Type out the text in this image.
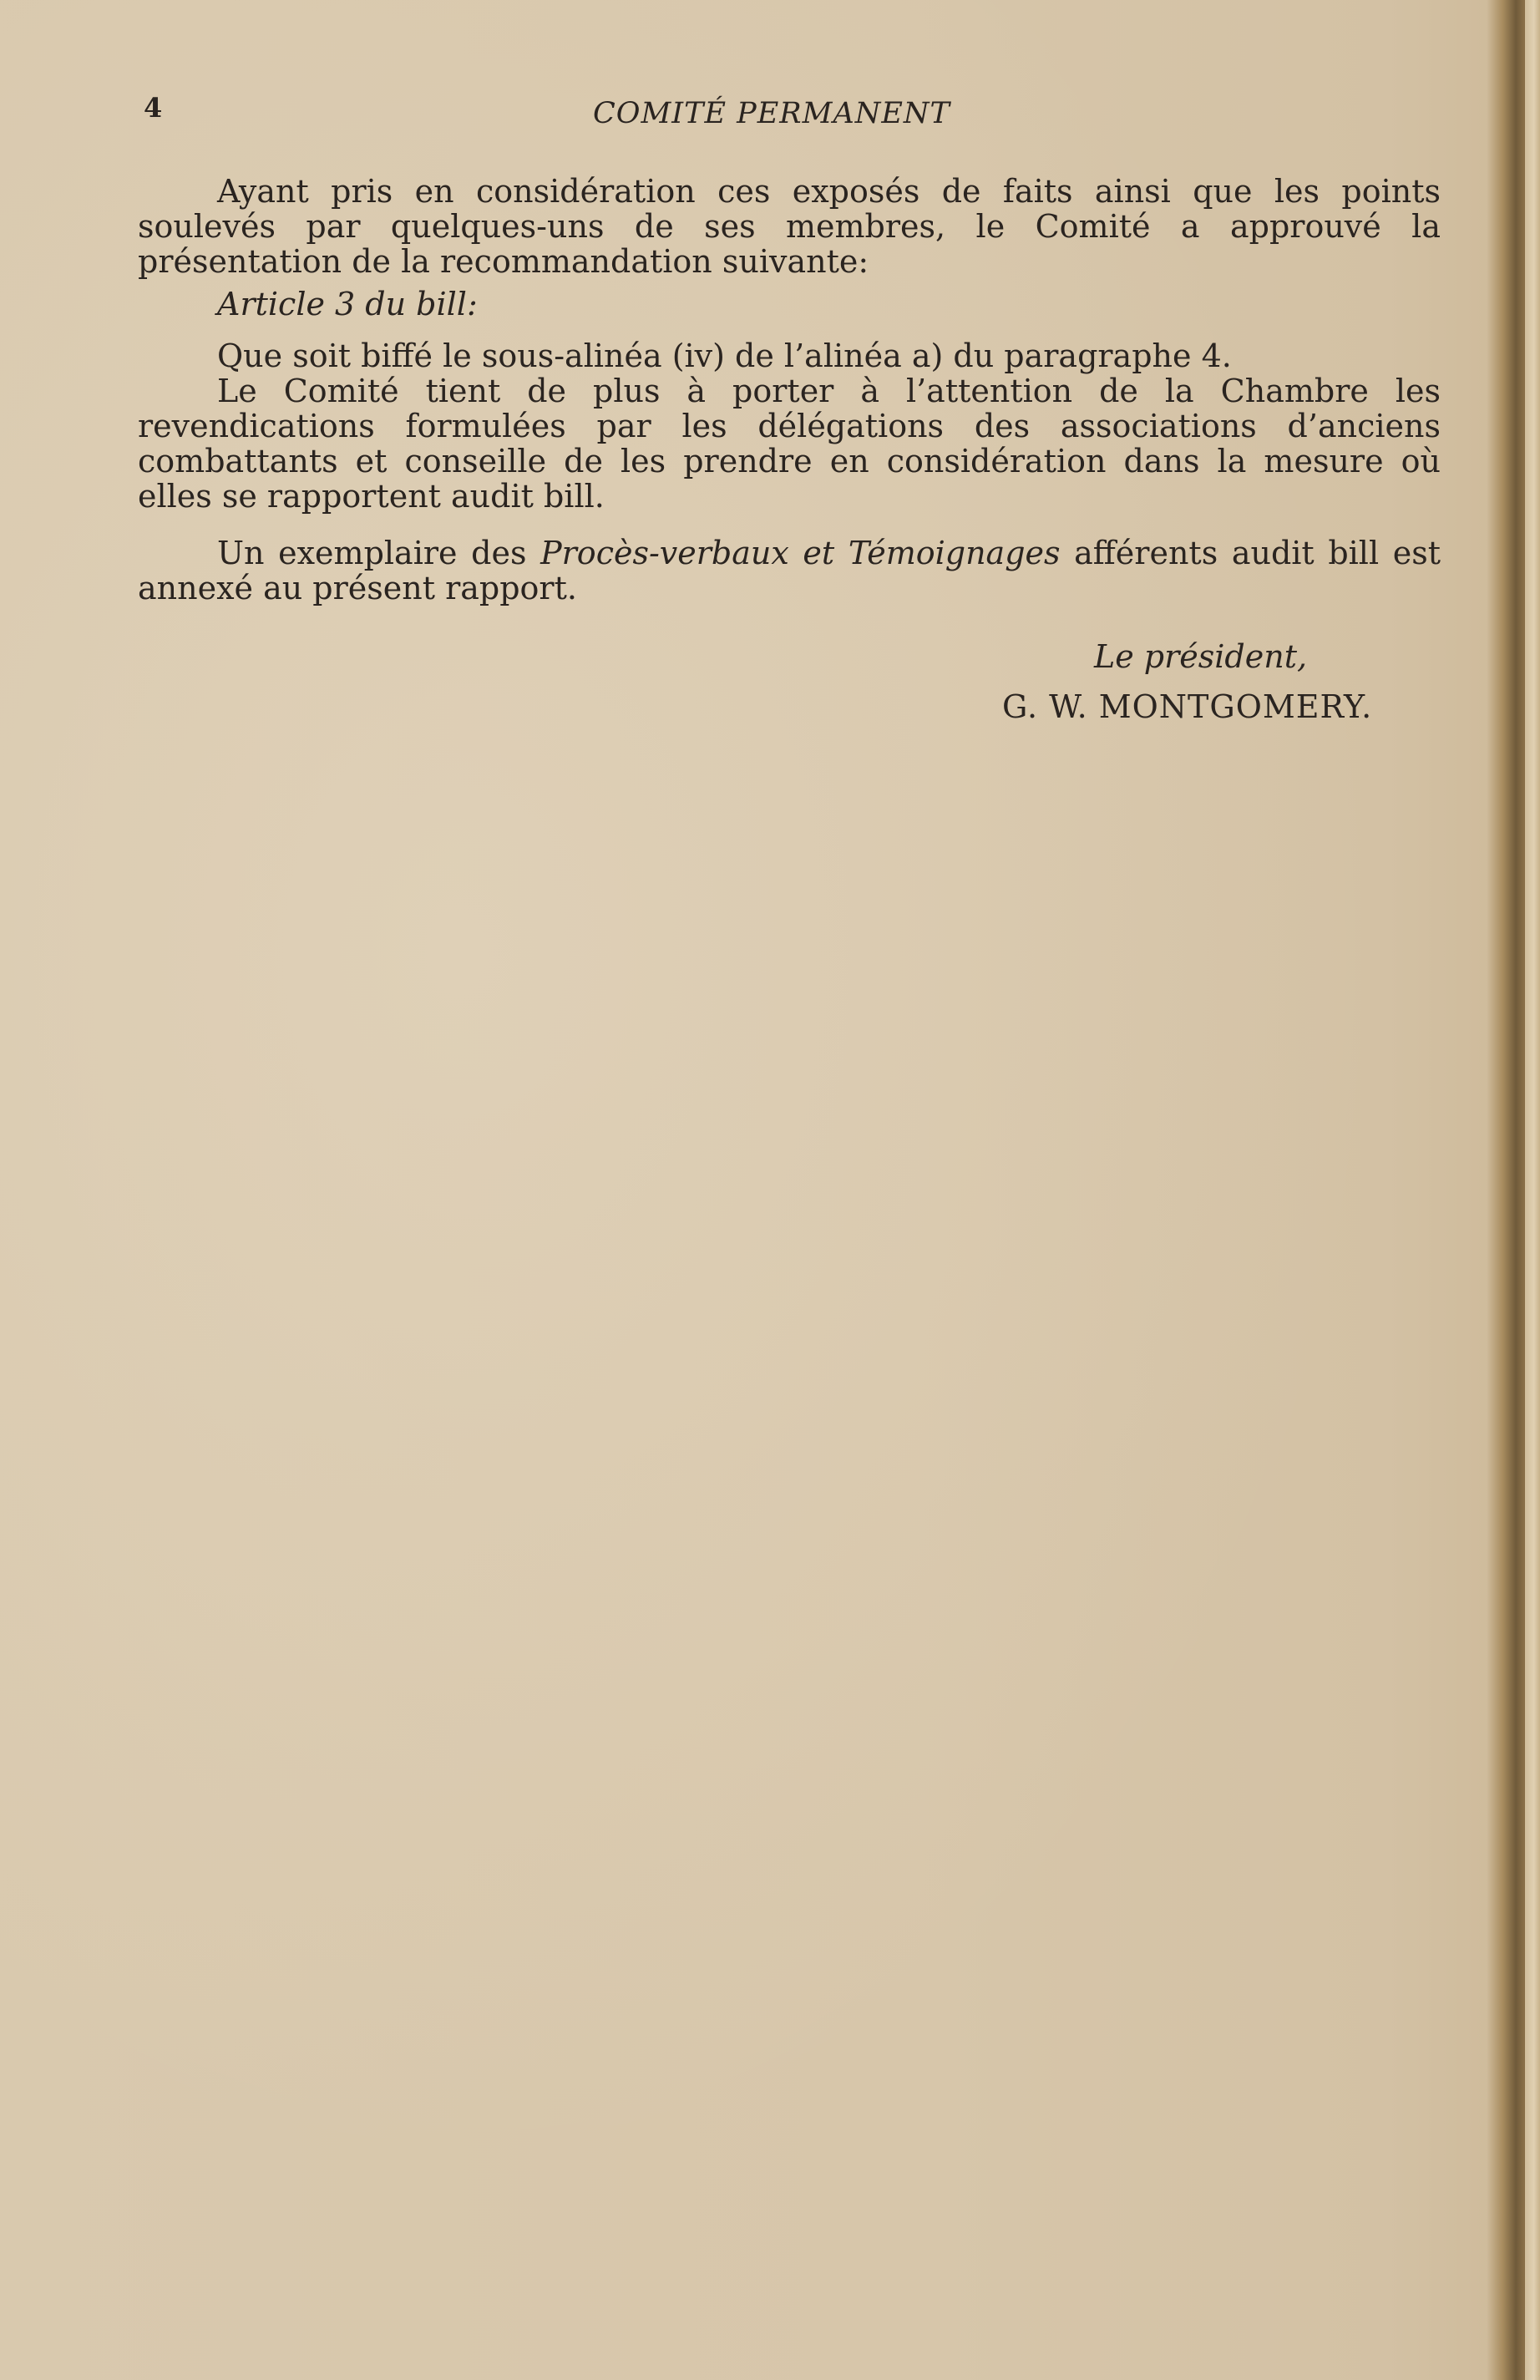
4	COMITÉ PERMANENT
Ayant pris en considération ces exposés de faits ainsi que les points soulevés par quelques-uns de ses membres, le Comité a approuvé la présentation de la recommandation suivante:
Article 3 du bill:
Que soit biffé le sous-alinéa (iv) de l’alinéa a) du paragraphe 4.
Le Comité tient de plus à porter à l’attention de la Chambre les revendications formulées par les délégations des associations d’anciens combattants et conseille de les prendre en considération dans la mesure où elles se rapportent audit bill.
Un exemplaire des Procès-verbaux et Témoignages afférents audit bill est annexé au présent rapport.
Le président,
G. W. MONTGOMERY.
